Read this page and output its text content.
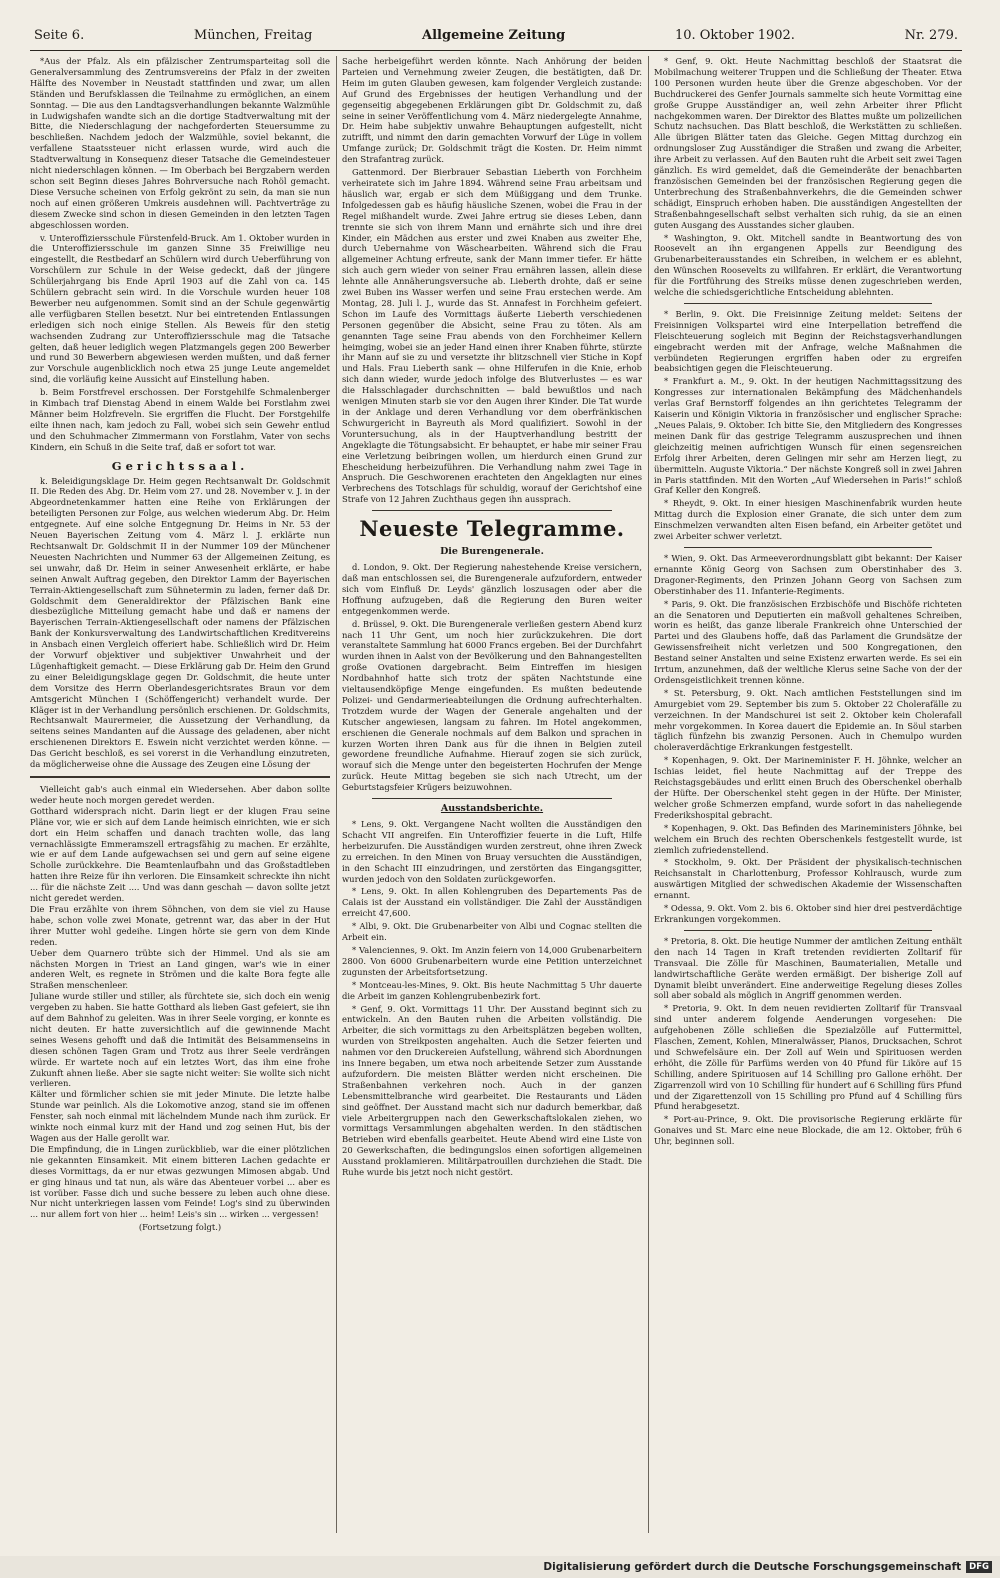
Seite 6.	München, Freitag	Allgemeine Zeitung	10. Oktober 1902.	Nr. 279.

*Aus der Pfalz. Als ein pfälzischer Zentrumsparteitag soll die Generalversammlung des Zentrumsvereins der Pfalz in der zweiten Hälfte des November in Neustadt stattfinden und zwar, um allen Ständen und Berufsklassen die Teilnahme zu ermöglichen, an einem Sonntag. — Die aus den Landtagsverhandlungen bekannte Walzmühle in Ludwigshafen wandte sich an die dortige Stadtverwaltung mit der Bitte, die Niederschlagung der nachgeforderten Steuersumme zu beschließen. Nachdem jedoch der Walzmühle, soviel bekannt, die verfallene Staatssteuer nicht erlassen wurde, wird auch die Stadtverwaltung in Konsequenz dieser Tatsache die Gemeindesteuer nicht niederschlagen können. — Im Oberbach bei Bergzabern werden schon seit Beginn dieses Jahres Bohrversuche nach Rohöl gemacht. Diese Versuche scheinen von Erfolg gekrönt zu sein, da man sie nun noch auf einen größeren Umkreis ausdehnen will. Pachtverträge zu diesem Zwecke sind schon in diesen Gemeinden in den letzten Tagen abgeschlossen worden.

v. Unteroffiziersschule Fürstenfeld-Bruck. Am 1. Oktober wurden in die Unteroffiziersschule im ganzen Sinne 35 Freiwillige neu eingestellt, die Restbedarf an Schülern wird durch Ueberführung von Vorschülern zur Schule in der Weise gedeckt, daß der jüngere Schülerjahrgang bis Ende April 1903 auf die Zahl von ca. 145 Schülern gebracht sein wird. In die Vorschule wurden heuer 108 Bewerber neu aufgenommen. Somit sind an der Schule gegenwärtig alle verfügbaren Stellen besetzt. Nur bei eintretenden Entlassungen erledigen sich noch einige Stellen. Als Beweis für den stetig wachsenden Zudrang zur Unteroffiziersschule mag die Tatsache gelten, daß heuer lediglich wegen Platzmangels gegen 200 Bewerber und rund 30 Bewerbern abgewiesen werden mußten, und daß ferner zur Vorschule augenblicklich noch etwa 25 junge Leute angemeldet sind, die vorläufig keine Aussicht auf Einstellung haben.

b. Beim Forstfrevel erschossen. Der Forstgehilfe Schmalenberger in Kimbach traf Dienstag Abend in einem Walde bei Forstlahm zwei Männer beim Holzfreveln. Sie ergriffen die Flucht. Der Forstgehilfe eilte ihnen nach, kam jedoch zu Fall, wobei sich sein Gewehr entlud und den Schuhmacher Zimmermann von Forstlahm, Vater von sechs Kindern, ein Schuß in die Seite traf, daß er sofort tot war.

Gerichtssaal.

k. Beleidigungsklage Dr. Heim gegen Rechtsanwalt Dr. Goldschmit II. Die Reden des Abg. Dr. Heim vom 27. und 28. November v. J. in der Abgeordnetenkammer hatten eine Reihe von Erklärungen der beteiligten Personen zur Folge, aus welchen wiederum Abg. Dr. Heim entgegnete. Auf eine solche Entgegnung Dr. Heims in Nr. 53 der Neuen Bayerischen Zeitung vom 4. März l. J. erklärte nun Rechtsanwalt Dr. Goldschmit II in der Nummer 109 der Münchener Neuesten Nachrichten und Nummer 63 der Allgemeinen Zeitung, es sei unwahr, daß Dr. Heim in seiner Anwesenheit erklärte, er habe seinen Anwalt Auftrag gegeben, den Direktor Lamm der Bayerischen Terrain-Aktiengesellschaft zum Sühnetermin zu laden, ferner daß Dr. Goldschmit dem Generaldirektor der Pfälzischen Bank eine diesbezügliche Mitteilung gemacht habe und daß er namens der Bayerischen Terrain-Aktiengesellschaft oder namens der Pfälzischen Bank der Konkursverwaltung des Landwirtschaftlichen Kreditvereins in Ansbach einen Vergleich offeriert habe. Schließlich wird Dr. Heim der Vorwurf objektiver und subjektiver Unwahrheit und der Lügenhaftigkeit gemacht. — Diese Erklärung gab Dr. Heim den Grund zu einer Beleidigungsklage gegen Dr. Goldschmit, die heute unter dem Vorsitze des Herrn Oberlandesgerichtsrates Braun vor dem Amtsgericht München I (Schöffengericht) verhandelt wurde. Der Kläger ist in der Verhandlung persönlich erschienen. Dr. Goldschmits, Rechtsanwalt Maurermeier, die Aussetzung der Verhandlung, da seitens seines Mandanten auf die Aussage des geladenen, aber nicht erschienenen Direktors E. Eswein nicht verzichtet werden könne. — Das Gericht beschloß, es sei vorerst in die Verhandlung einzutreten, da möglicherweise ohne die Aussage des Zeugen eine Lösung der

Vielleicht gab's auch einmal ein Wiedersehen. Aber dabon sollte weder heute noch morgen geredet werden.
Gotthard widersprach nicht. Darin liegt er der klugen Frau seine Pläne vor, wie er sich auf dem Lande heimisch einrichten, wie er sich dort ein Heim schaffen und danach trachten wolle, das lang vernachlässigte Emmeramszell ertragsfähig zu machen. Er erzählte, wie er auf dem Lande aufgewachsen sei und gern auf seine eigene Scholle zurückkehre. Die Beamtenlaufbahn und das Großstadtleben hatten ihre Reize für ihn verloren. Die Einsamkeit schreckte ihn nicht ... für die nächste Zeit .... Und was dann geschah — davon sollte jetzt nicht geredet werden.
Die Frau erzählte von ihrem Söhnchen, von dem sie viel zu Hause habe, schon volle zwei Monate, getrennt war, das aber in der Hut ihrer Mutter wohl gedeihe. Lingen hörte sie gern von dem Kinde reden.
Ueber dem Quarnero trübte sich der Himmel. Und als sie am nächsten Morgen in Triest an Land gingen, war's wie in einer anderen Welt, es regnete in Strömen und die kalte Bora fegte alle Straßen menschenleer.
Juliane wurde stiller und stiller, als fürchtete sie, sich doch ein wenig vergeben zu haben. Sie hatte Gotthard als lieben Gast gefeiert, sie ihn auf dem Bahnhof zu geleiten. Was in ihrer Seele vorging, er konnte es nicht deuten. Er hatte zuversichtlich auf die gewinnende Macht seines Wesens gehofft und daß die Intimität des Beisammenseins in diesen schönen Tagen Gram und Trotz aus ihrer Seele verdrängen würde. Er wartete noch auf ein letztes Wort, das ihm eine frohe Zukunft ahnen ließe. Aber sie sagte nicht weiter: Sie wollte sich nicht verlieren.
Kälter und förmlicher schien sie mit jeder Minute. Die letzte halbe Stunde war peinlich. Als die Lokomotive anzog, stand sie im offenen Fenster, sah noch einmal mit lächelndem Munde nach ihm zurück. Er winkte noch einmal kurz mit der Hand und zog seinen Hut, bis der Wagen aus der Halle gerollt war.
Die Empfindung, die in Lingen zurückblieb, war die einer plötzlichen nie gekannten Einsamkeit. Mit einem bitteren Lachen gedachte er dieses Vormittags, da er nur etwas gezwungen Mimosen abgab. Und er ging hinaus und tat nun, als wäre das Abenteuer vorbei ... aber es ist vorüber. Fasse dich und suche bessere zu leben auch ohne diese. Nur nicht unterkriegen lassen vom Feinde! Log's sind zu überwinden ... nur allem fort von hier ... heim! Leis's sin ... wirken ... vergessen!

(Fortsetzung folgt.)

Sache herbeigeführt werden könnte. Nach Anhörung der beiden Parteien und Vernehmung zweier Zeugen, die bestätigten, daß Dr. Heim im guten Glauben gewesen, kam folgender Vergleich zustande: Auf Grund des Ergebnisses der heutigen Verhandlung und der gegenseitig abgegebenen Erklärungen gibt Dr. Goldschmit zu, daß seine in seiner Veröffentlichung vom 4. März niedergelegte Annahme, Dr. Heim habe subjektiv unwahre Behauptungen aufgestellt, nicht zutrifft, und nimmt den darin gemachten Vorwurf der Lüge in vollem Umfange zurück; Dr. Goldschmit trägt die Kosten. Dr. Heim nimmt den Strafantrag zurück.

Gattenmord. Der Bierbrauer Sebastian Lieberth von Forchheim verheiratete sich im Jahre 1894. Während seine Frau arbeitsam und häuslich war, ergab er sich dem Müßiggang und dem Trunke. Infolgedessen gab es häufig häusliche Szenen, wobei die Frau in der Regel mißhandelt wurde. Zwei Jahre ertrug sie dieses Leben, dann trennte sie sich von ihrem Mann und ernährte sich und ihre drei Kinder, ein Mädchen aus erster und zwei Knaben aus zweiter Ehe, durch Uebernahme von Wäschearbeiten. Während sich die Frau allgemeiner Achtung erfreute, sank der Mann immer tiefer. Er hätte sich auch gern wieder von seiner Frau ernähren lassen, allein diese lehnte alle Annäherungsversuche ab. Lieberth drohte, daß er seine zwei Buben ins Wasser werfen und seine Frau erstechen werde. Am Montag, 28. Juli l. J., wurde das St. Annafest in Forchheim gefeiert. Schon im Laufe des Vormittags äußerte Lieberth verschiedenen Personen gegenüber die Absicht, seine Frau zu töten. Als am genannten Tage seine Frau abends von den Forchheimer Kellern heimging, wobei sie an jeder Hand einen ihrer Knaben führte, stürzte ihr Mann auf sie zu und versetzte ihr blitzschnell vier Stiche in Kopf und Hals. Frau Lieberth sank — ohne Hilferufen in die Knie, erhob sich dann wieder, wurde jedoch infolge des Blutverlustes — es war die Halsschlagader durchschnitten — bald bewußtlos und nach wenigen Minuten starb sie vor den Augen ihrer Kinder. Die Tat wurde in der Anklage und deren Verhandlung vor dem oberfränkischen Schwurgericht in Bayreuth als Mord qualifiziert. Sowohl in der Voruntersuchung, als in der Hauptverhandlung bestritt der Angeklagte die Tötungsabsicht. Er behauptet, er habe mir seiner Frau eine Verletzung beibringen wollen, um hierdurch einen Grund zur Ehescheidung herbeizuführen. Die Verhandlung nahm zwei Tage in Anspruch. Die Geschworenen erachteten den Angeklagten nur eines Verbrechens des Totschlags für schuldig, worauf der Gerichtshof eine Strafe von 12 Jahren Zuchthaus gegen ihn aussprach.

Neueste Telegramme.
Die Burengenerale.

d. London, 9. Okt. Der Regierung nahestehende Kreise versichern, daß man entschlossen sei, die Burengenerale aufzufordern, entweder sich vom Einfluß Dr. Leyds' gänzlich loszusagen oder aber die Hoffnung aufzugeben, daß die Regierung den Buren weiter entgegenkommen werde.

d. Brüssel, 9. Okt. Die Burengenerale verließen gestern Abend kurz nach 11 Uhr Gent, um noch hier zurückzukehren. Die dort veranstaltete Sammlung hat 6000 Francs ergeben. Bei der Durchfahrt wurden ihnen in Aalst von der Bevölkerung und den Bahnangestellten große Ovationen dargebracht. Beim Eintreffen im hiesigen Nordbahnhof hatte sich trotz der späten Nachtstunde eine vieltausendköpfige Menge eingefunden. Es mußten bedeutende Polizei- und Gendarmerieabteilungen die Ordnung aufrechterhalten. Trotzdem wurde der Wagen der Generale angehalten und der Kutscher angewiesen, langsam zu fahren. Im Hotel angekommen, erschienen die Generale nochmals auf dem Balkon und sprachen in kurzen Worten ihren Dank aus für die ihnen in Belgien zuteil gewordene freundliche Aufnahme. Hierauf zogen sie sich zurück, worauf sich die Menge unter den begeisterten Hochrufen der Menge zurück. Heute Mittag begeben sie sich nach Utrecht, um der Geburtstagsfeier Krügers beizuwohnen.

Ausstandsberichte.

* Lens, 9. Okt. Vergangene Nacht wollten die Ausständigen den Schacht VII angreifen. Ein Unteroffizier feuerte in die Luft, Hilfe herbeizurufen. Die Ausständigen wurden zerstreut, ohne ihren Zweck zu erreichen. In den Minen von Bruay versuchten die Ausständigen, in den Schacht III einzudringen, und zerstörten das Eingangsgitter, wurden jedoch von den Soldaten zurückgeworfen.

* Lens, 9. Okt. In allen Kohlengruben des Departements Pas de Calais ist der Ausstand ein vollständiger. Die Zahl der Ausständigen erreicht 47,600.

* Albi, 9. Okt. Die Grubenarbeiter von Albi und Cognac stellten die Arbeit ein.

* Valenciennes, 9. Okt. Im Anzin feiern von 14,000 Grubenarbeitern 2800. Von 6000 Grubenarbeitern wurde eine Petition unterzeichnet zugunsten der Arbeitsfortsetzung.

* Montceau-les-Mines, 9. Okt. Bis heute Nachmittag 5 Uhr dauerte die Arbeit im ganzen Kohlengrubenbezirk fort.

* Genf, 9. Okt. Vormittags 11 Uhr. Der Ausstand beginnt sich zu entwickeln. An den Bauten ruhen die Arbeiten vollständig. Die Arbeiter, die sich vormittags zu den Arbeitsplätzen begeben wollten, wurden von Streikposten angehalten. Auch die Setzer feierten und nahmen vor den Druckereien Aufstellung, während sich Abordnungen ins Innere begaben, um etwa noch arbeitende Setzer zum Ausstande aufzufordern. Die meisten Blätter werden nicht erscheinen. Die Straßenbahnen verkehren noch. Auch in der ganzen Lebensmittelbranche wird gearbeitet. Die Restaurants und Läden sind geöffnet. Der Ausstand macht sich nur dadurch bemerkbar, daß viele Arbeitergruppen nach den Gewerkschaftslokalen ziehen, wo vormittags Versammlungen abgehalten werden. In den städtischen Betrieben wird ebenfalls gearbeitet. Heute Abend wird eine Liste von 20 Gewerkschaften, die bedingungslos einen sofortigen allgemeinen Ausstand proklamieren. Militärpatrouillen durchziehen die Stadt. Die Ruhe wurde bis jetzt noch nicht gestört.

* Genf, 9. Okt. Heute Nachmittag beschloß der Staatsrat die Mobilmachung weiterer Truppen und die Schließung der Theater. Etwa 100 Personen wurden heute über die Grenze abgeschoben. Vor der Buchdruckerei des Genfer Journals sammelte sich heute Vormittag eine große Gruppe Ausständiger an, weil zehn Arbeiter ihrer Pflicht nachgekommen waren. Der Direktor des Blattes mußte um polizeilichen Schutz nachsuchen. Das Blatt beschloß, die Werkstätten zu schließen. Alle übrigen Blätter taten das Gleiche. Gegen Mittag durchzog ein ordnungsloser Zug Ausständiger die Straßen und zwang die Arbeiter, ihre Arbeit zu verlassen. Auf den Bauten ruht die Arbeit seit zwei Tagen gänzlich. Es wird gemeldet, daß die Gemeinderäte der benachbarten französischen Gemeinden bei der französischen Regierung gegen die Unterbrechung des Straßenbahnverkehrs, die die Gemeinden schwer schädigt, Einspruch erhoben haben. Die ausständigen Angestellten der Straßenbahngesellschaft selbst verhalten sich ruhig, da sie an einen guten Ausgang des Ausstandes sicher glauben.

* Washington, 9. Okt. Mitchell sandte in Beantwortung des von Roosevelt an ihn ergangenen Appells zur Beendigung des Grubenarbeiterausstandes ein Schreiben, in welchem er es ablehnt, den Wünschen Roosevelts zu willfahren. Er erklärt, die Verantwortung für die Fortführung des Streiks müsse denen zugeschrieben werden, welche die schiedsgerichtliche Entscheidung ablehnten.

* Berlin, 9. Okt. Die Freisinnige Zeitung meldet: Seitens der Freisinnigen Volkspartei wird eine Interpellation betreffend die Fleischteuerung sogleich mit Beginn der Reichstagsverhandlungen eingebracht werden mit der Anfrage, welche Maßnahmen die verbündeten Regierungen ergriffen haben oder zu ergreifen beabsichtigen gegen die Fleischteuerung.

* Frankfurt a. M., 9. Okt. In der heutigen Nachmittagssitzung des Kongresses zur internationalen Bekämpfung des Mädchenhandels verlas Graf Bernstorff folgendes an ihn gerichtetes Telegramm der Kaiserin und Königin Viktoria in französischer und englischer Sprache: „Neues Palais, 9. Oktober. Ich bitte Sie, den Mitgliedern des Kongresses meinen Dank für das gestrige Telegramm auszusprechen und ihnen gleichzeitig meinen aufrichtigen Wunsch für einen segensreichen Erfolg ihrer Arbeiten, deren Gelingen mir sehr am Herzen liegt, zu übermitteln. Auguste Viktoria.“ Der nächste Kongreß soll in zwei Jahren in Paris stattfinden. Mit den Worten „Auf Wiedersehen in Paris!“ schloß Graf Keller den Kongreß.

* Rheydt, 9. Okt. In einer hiesigen Maschinenfabrik wurden heute Mittag durch die Explosion einer Granate, die sich unter dem zum Einschmelzen verwandten alten Eisen befand, ein Arbeiter getötet und zwei Arbeiter schwer verletzt.

* Wien, 9. Okt. Das Armeeverordnungsblatt gibt bekannt: Der Kaiser ernannte König Georg von Sachsen zum Oberstinhaber des 3. Dragoner-Regiments, den Prinzen Johann Georg von Sachsen zum Oberstinhaber des 11. Infanterie-Regiments.

* Paris, 9. Okt. Die französischen Erzbischöfe und Bischöfe richteten an die Senatoren und Deputierten ein maßvoll gehaltenes Schreiben, worin es heißt, das ganze liberale Frankreich ohne Unterschied der Partei und des Glaubens hoffe, daß das Parlament die Grundsätze der Gewissensfreiheit nicht verletzen und 500 Kongregationen, den Bestand seiner Anstalten und seine Existenz erwarten werde. Es sei ein Irrtum, anzunehmen, daß der weltliche Klerus seine Sache von der der Ordensgeistlichkeit trennen könne.

* St. Petersburg, 9. Okt. Nach amtlichen Feststellungen sind im Amurgebiet vom 29. September bis zum 5. Oktober 22 Cholerafälle zu verzeichnen. In der Mandschurei ist seit 2. Oktober kein Cholerafall mehr vorgekommen. In Korea dauert die Epidemie an. In Söul starben täglich fünfzehn bis zwanzig Personen. Auch in Chemulpo wurden choleraverdächtige Erkrankungen festgestellt.

* Kopenhagen, 9. Okt. Der Marineminister F. H. Jöhnke, welcher an Ischias leidet, fiel heute Nachmittag auf der Treppe des Reichstagsgebäudes und erlitt einen Bruch des Oberschenkel oberhalb der Hüfte. Der Oberschenkel steht gegen in der Hüfte. Der Minister, welcher große Schmerzen empfand, wurde sofort in das naheliegende Frederikshospital gebracht.

* Kopenhagen, 9. Okt. Das Befinden des Marineministers Jöhnke, bei welchem ein Bruch des rechten Oberschenkels festgestellt wurde, ist ziemlich zufriedenstellend.

* Stockholm, 9. Okt. Der Präsident der physikalisch-technischen Reichsanstalt in Charlottenburg, Professor Kohlrausch, wurde zum auswärtigen Mitglied der schwedischen Akademie der Wissenschaften ernannt.

* Odessa, 9. Okt. Vom 2. bis 6. Oktober sind hier drei pestverdächtige Erkrankungen vorgekommen.

* Pretoria, 8. Okt. Die heutige Nummer der amtlichen Zeitung enthält den nach 14 Tagen in Kraft tretenden revidierten Zolltarif für Transvaal. Die Zölle für Maschinen, Baumaterialien, Metalle und landwirtschaftliche Geräte werden ermäßigt. Der bisherige Zoll auf Dynamit bleibt unverändert. Eine anderweitige Regelung dieses Zolles soll aber sobald als möglich in Angriff genommen werden.

* Pretoria, 9. Okt. In dem neuen revidierten Zolltarif für Transvaal sind unter anderem folgende Aenderungen vorgesehen: Die aufgehobenen Zölle schließen die Spezialzölle auf Futtermittel, Flaschen, Zement, Kohlen, Mineralwässer, Pianos, Drucksachen, Schrot und Schwefelsäure ein. Der Zoll auf Wein und Spirituosen werden erhöht, die Zölle für Parfüms werden von 40 Pfund für Liköre auf 15 Schilling, andere Spirituosen auf 14 Schilling pro Gallone erhöht. Der Zigarrenzoll wird von 10 Schilling für hundert auf 6 Schilling fürs Pfund und der Zigarettenzoll von 15 Schilling pro Pfund auf 4 Schilling fürs Pfund herabgesetzt.

* Port-au-Prince, 9. Okt. Die provisorische Regierung erklärte für Gonaives und St. Marc eine neue Blockade, die am 12. Oktober, früh 6 Uhr, beginnen soll.

Digitalisierung gefördert durch die Deutsche Forschungsgemeinschaft DFG
